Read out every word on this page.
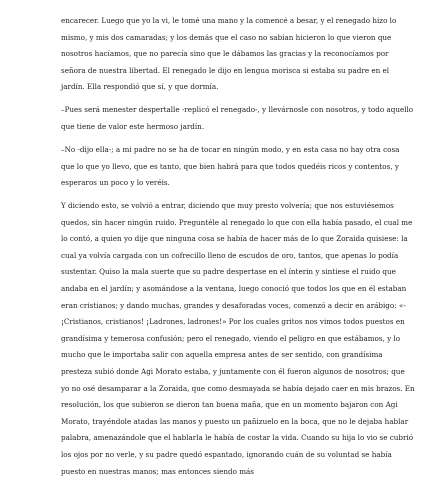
encarecer. Luego que yo la vi, le tomé una mano y la comencé a besar, y el renegado hizo lo mismo, y mis dos camaradas; y los demás que el caso no sabían hicieron lo que vieron que nosotros hacíamos, que no parecía sino que le dábamos las gracias y la reconocíamos por señora de nuestra libertad. El renegado le dijo en lengua morisca si estaba su padre en el jardín. Ella respondió que sí, y que dormía.

–Pues será menester despertalle -replicó el renegado-, y llevárnosle con nosotros, y todo aquello que tiene de valor este hermoso jardín.

–No -dijo ella-; a mi padre no se ha de tocar en ningún modo, y en esta casa no hay otra cosa que lo que yo llevo, que es tanto, que bien habrá para que todos quedéis ricos y contentos, y esperaros un poco y lo veréis.

Y diciendo esto, se volvió a entrar, diciendo que muy presto volvería; que nos estuviésemos quedos, sin hacer ningún ruido. Preguntéle al renegado lo que con ella había pasado, el cual me lo contó, a quien yo dije que ninguna cosa se había de hacer más de lo que Zoraida quisiese: la cual ya volvía cargada con un cofrecillo lleno de escudos de oro, tantos, que apenas lo podía sustentar. Quiso la mala suerte que su padre despertase en el ínterin y sintiese el ruido que andaba en el jardín; y asomándose a la ventana, luego conoció que todos los que en él estaban eran cristianos; y dando muchas, grandes y desaforadas voces, comenzó a decir en arábigo: «-¡Cristianos, cristianos! ¡Ladrones, ladrones!» Por los cuales gritos nos vimos todos puestos en grandísima y temerosa confusión; pero el renegado, viendo el peligro en que estábamos, y lo mucho que le importaba salir con aquella empresa antes de ser sentido, con grandísima presteza subió donde Agi Morato estaba, y juntamente con él fueron algunos de nosotros; que yo no osé desamparar a la Zoraida, que como desmayada se había dejado caer en mis brazos. En resolución, los que subieron se dieron tan buena maña, que en un momento bajaron con Agi Morato, trayéndole atadas las manos y puesto un pañizuelo en la boca, que no le dejaba hablar palabra, amenazándole que el hablarla le había de costar la vida. Cuando su hija lo vio se cubrió los ojos por no verle, y su padre quedó espantado, ignorando cuán de su voluntad se había puesto en nuestras manos; mas entonces siendo más
